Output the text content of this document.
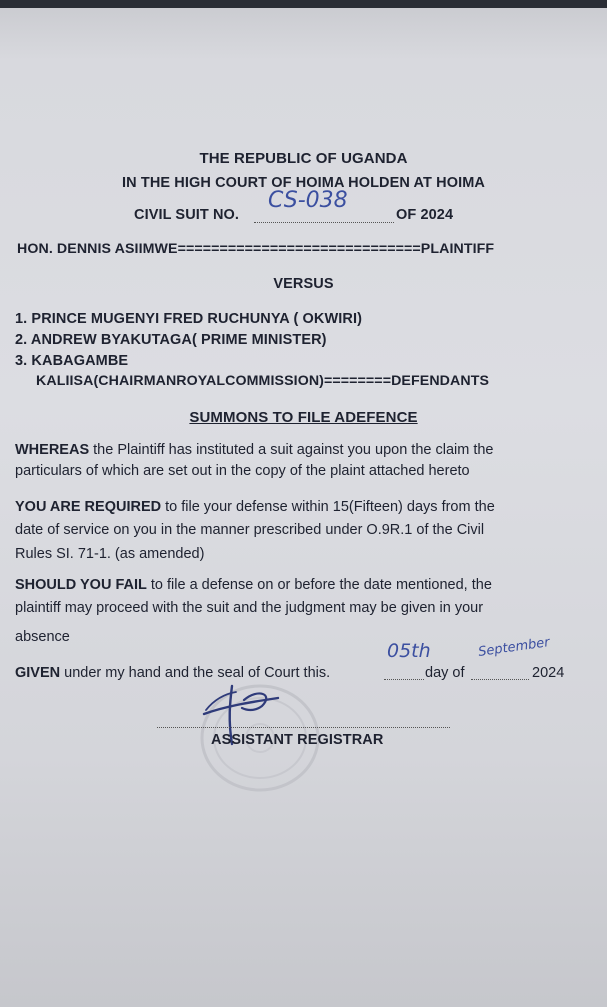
THE REPUBLIC OF UGANDA
IN THE HIGH COURT OF HOIMA HOLDEN AT HOIMA
CIVIL SUIT NO.
CS-038
OF 2024
HON. DENNIS ASIIMWE=============================PLAINTIFF
VERSUS
1. PRINCE MUGENYI FRED RUCHUNYA ( OKWIRI)
2. ANDREW BYAKUTAGA( PRIME MINISTER)
3. KABAGAMBE
KALIISA(CHAIRMANROYALCOMMISSION)========DEFENDANTS
SUMMONS TO FILE ADEFENCE
WHEREAS the Plaintiff has instituted a suit against you upon the claim the
particulars of which are set out in the copy of the plaint attached hereto
YOU ARE REQUIRED to file your defense within 15(Fifteen) days from the
date of service on you in the manner prescribed under O.9R.1 of the Civil
Rules SI. 71-1. (as amended)
SHOULD YOU FAIL to file a defense on or before the date mentioned, the
plaintiff may proceed with the suit and the judgment may be given in your
absence
GIVEN under my hand and the seal of Court this.
05th
day of
September
2024
ASSISTANT REGISTRAR
